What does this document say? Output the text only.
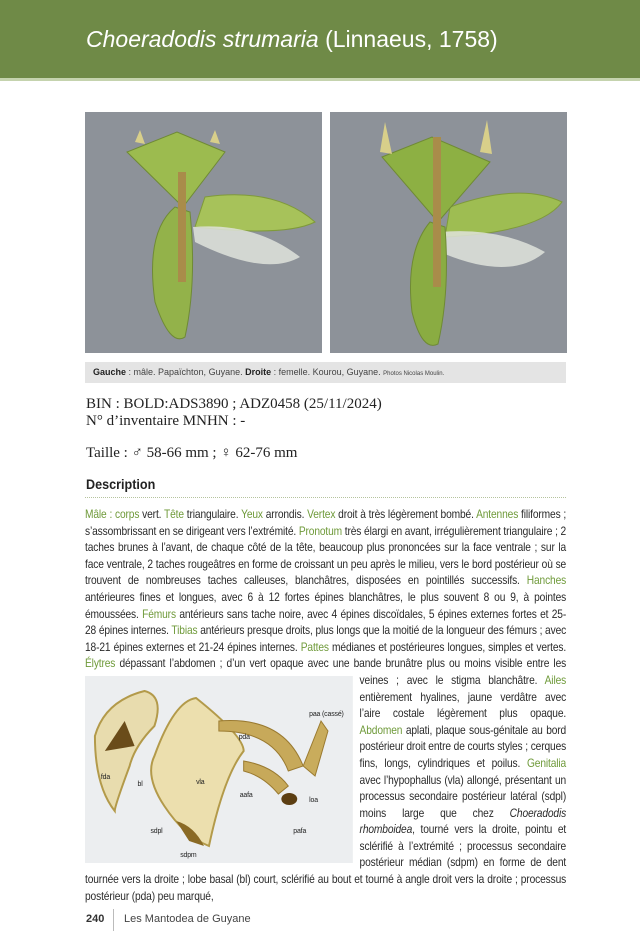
Choeradodis strumaria (Linnaeus, 1758)
Gauche : mâle. Papaïchton, Guyane. Droite : femelle. Kourou, Guyane. Photos Nicolas Moulin.
BIN : BOLD:ADS3890 ; ADZ0458 (25/11/2024)
N° d’inventaire MNHN : -
Taille : ♂ 58-66 mm ; ♀ 62-76 mm
Description
Mâle : corps vert. Tête triangulaire. Yeux arrondis. Vertex droit à très légèrement bombé. Antennes filiformes ; s’assombrissant en se dirigeant vers l’extrémité. Pronotum très élargi en avant, irrégulièrement triangulaire ; 2 taches brunes à l’avant, de chaque côté de la tête, beaucoup plus prononcées sur la face ventrale ; sur la face ventrale, 2 taches rougeâtres en forme de croissant un peu après le milieu, vers le bord postérieur où se trouvent de nombreuses taches calleuses, blanchâtres, disposées en pointillés successifs. Hanches antérieures fines et longues, avec 6 à 12 fortes épines blanchâtres, le plus souvent 8 ou 9, à pointes émoussées. Fémurs antérieurs sans tache noire, avec 4 épines discoïdales, 5 épines externes fortes et 25-28 épines internes. Tibias antérieurs presque droits, plus longs que la moitié de la longueur des fémurs ; avec 18-21 épines externes et 21-24 épines internes. Pattes médianes et postérieures longues, simples et vertes. Élytres dépassant l’abdomen ; d’un vert opaque avec une bande brunâtre plus ou moins visible entre les veines ; avec le stigma blanchâtre. Ailes
fda
bl	vla
pda
paa (cassé)
aafa
loa
pafa
sdpl
sdpm
entièrement hyalines, jaune verdâtre avec l’aire costale légèrement plus opaque. Abdomen aplati, plaque sous-génitale au bord postérieur droit entre de courts styles ; cerques fins, longs, cylindriques et poilus. Genitalia avec l’hypophallus (vla) allongé, présentant un processus secondaire postérieur latéral (sdpl) moins large que chez Choeradodis rhomboidea, tourné vers la droite, pointu et sclérifié à l’extrémité ; processus secondaire postérieur médian (sdpm) en forme de dent tournée vers la droite ; lobe basal (bl) court, sclérifié au bout et tourné à angle droit vers la droite ; processus postérieur (pda) peu marqué,
240 Les Mantodea de Guyane
